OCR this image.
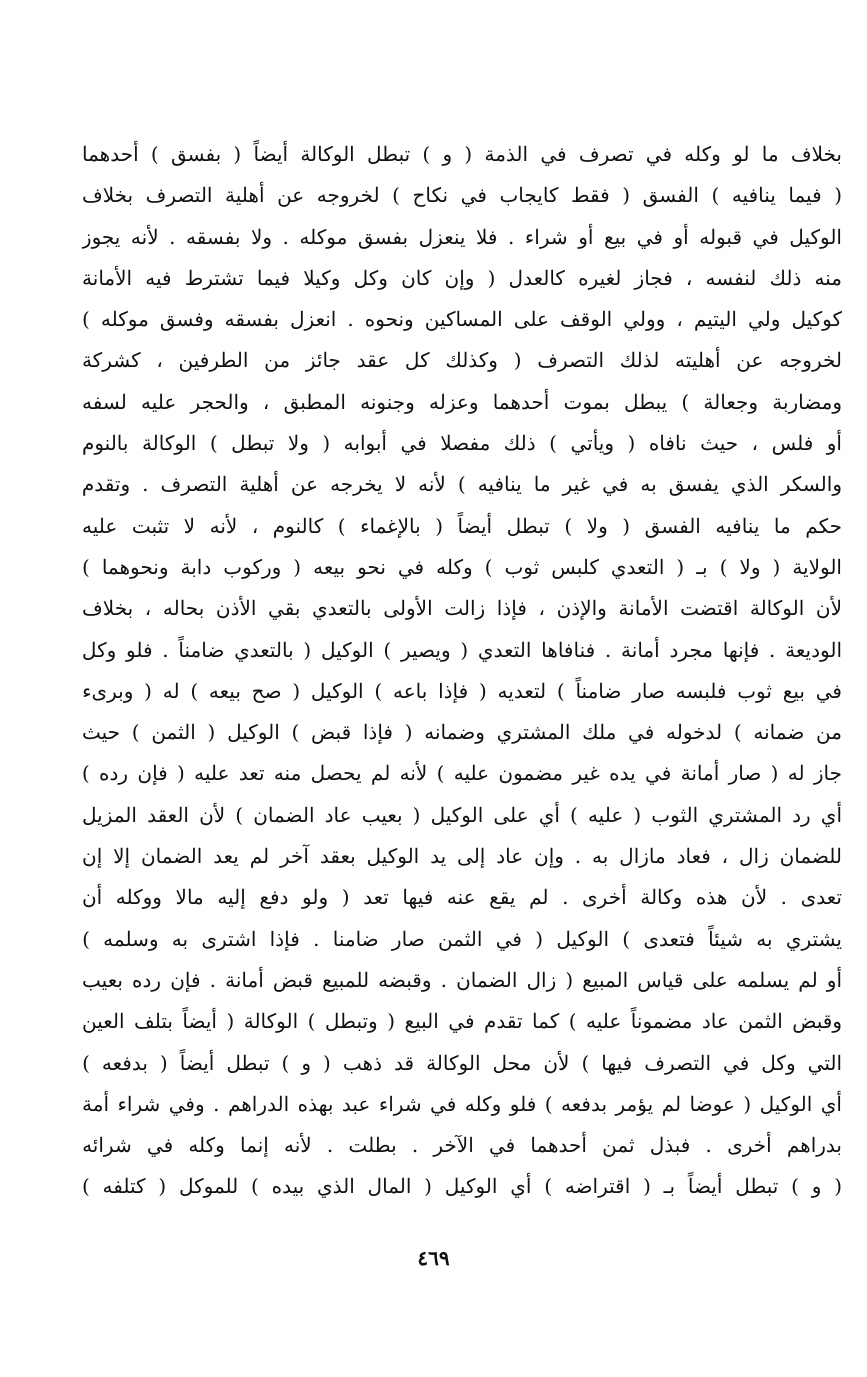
بخلاف ما لو وكله في تصرف في الذمة ( و ) تبطل الوكالة أيضاً ( بفسق ) أحدهما
( فيما ينافيه ) الفسق ( فقط كايجاب في نكاح ) لخروجه عن أهلية التصرف بخلاف
الوكيل في قبوله أو في بيع أو شراء . فلا ينعزل بفسق موكله . ولا بفسقه . لأنه يجوز
منه ذلك لنفسه ، فجاز لغيره كالعدل ( وإن كان وكل وكيلا فيما تشترط فيه الأمانة
كوكيل ولي اليتيم ، وولي الوقف على المساكين ونحوه . انعزل بفسقه وفسق موكله )
لخروجه عن أهليته لذلك التصرف ( وكذلك كل عقد جائز من الطرفين ، كشركة
ومضاربة وجعالة ) يبطل بموت أحدهما وعزله وجنونه المطبق ، والحجر عليه لسفه
أو فلس ، حيث نافاه ( ويأتي ) ذلك مفصلا في أبوابه ( ولا تبطل ) الوكالة بالنوم
والسكر الذي يفسق به في غير ما ينافيه ) لأنه لا يخرجه عن أهلية التصرف . وتقدم
حكم ما ينافيه الفسق ( ولا ) تبطل أيضاً ( بالإغماء ) كالنوم ، لأنه لا تثبت عليه
الولاية ( ولا ) بـ ( التعدي كلبس ثوب ) وكله في نحو بيعه ( وركوب دابة ونحوهما )
لأن الوكالة اقتضت الأمانة والإذن ، فإذا زالت الأولى بالتعدي بقي الأذن بحاله ، بخلاف
الوديعة . فإنها مجرد أمانة . فنافاها التعدي ( ويصير ) الوكيل ( بالتعدي ضامناً . فلو وكل
في بيع ثوب فلبسه صار ضامناً ) لتعديه ( فإذا باعه ) الوكيل ( صح بيعه ) له ( وبرىء
من ضمانه ) لدخوله في ملك المشتري وضمانه ( فإذا قبض ) الوكيل ( الثمن ) حيث
جاز له ( صار أمانة في يده غير مضمون عليه ) لأنه لم يحصل منه تعد عليه ( فإن رده )
أي رد المشتري الثوب ( عليه ) أي على الوكيل ( بعيب عاد الضمان ) لأن العقد المزيل
للضمان زال ، فعاد مازال به . وإن عاد إلى يد الوكيل بعقد آخر لم يعد الضمان إلا إن
تعدى . لأن هذه وكالة أخرى . لم يقع عنه فيها تعد ( ولو دفع إليه مالا ووكله أن
يشتري به شيئاً فتعدى ) الوكيل ( في الثمن صار ضامنا . فإذا اشترى به وسلمه )
أو لم يسلمه على قياس المبيع ( زال الضمان . وقبضه للمبيع قبض أمانة . فإن رده بعيب
وقبض الثمن عاد مضموناً عليه ) كما تقدم في البيع ( وتبطل ) الوكالة ( أيضاً بتلف العين
التي وكل في التصرف فيها ) لأن محل الوكالة قد ذهب ( و ) تبطل أيضاً ( بدفعه )
أي الوكيل ( عوضا لم يؤمر بدفعه ) فلو وكله في شراء عبد بهذه الدراهم . وفي شراء أمة
بدراهم أخرى . فبذل ثمن أحدهما في الآخر . بطلت . لأنه إنما وكله في شرائه
( و ) تبطل أيضاً بـ ( اقتراضه ) أي الوكيل ( المال الذي بيده ) للموكل ( كتلفه )
٤٦٩
